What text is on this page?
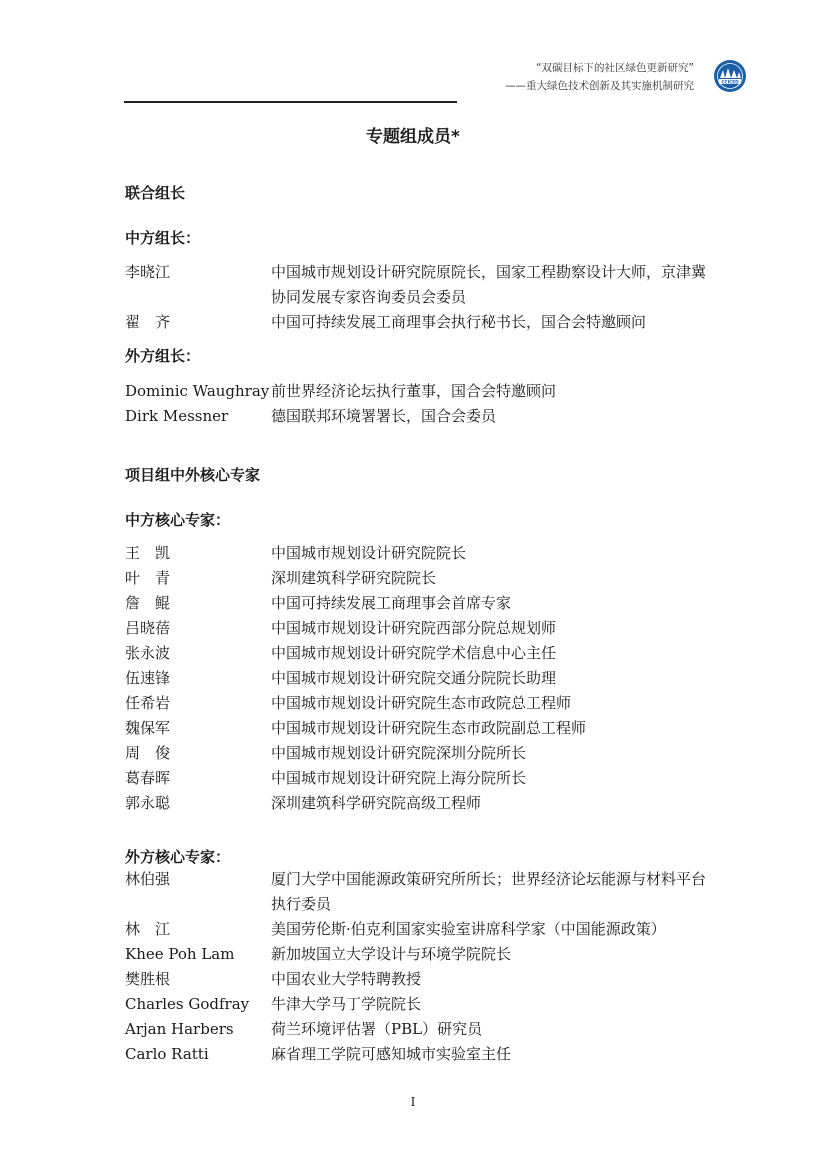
“双碳目标下的社区绿色更新研究”
——重大绿色技术创新及其实施机制研究	CCICED
专题组成员*
联合组长
中方组长：
李晓江	中国城市规划设计研究院原院长，国家工程勘察设计大师，京津冀协同发展专家咨询委员会委员
翟　齐	中国可持续发展工商理事会执行秘书长，国合会特邀顾问
外方组长：
Dominic Waughray 前世界经济论坛执行董事，国合会特邀顾问
Dirk Messner	德国联邦环境署署长，国合会委员
项目组中外核心专家
中方核心专家：
王　凯	中国城市规划设计研究院院长
叶　青	深圳建筑科学研究院院长
詹　鲲	中国可持续发展工商理事会首席专家
吕晓蓓	中国城市规划设计研究院西部分院总规划师
张永波	中国城市规划设计研究院学术信息中心主任
伍速锋	中国城市规划设计研究院交通分院院长助理
任希岩	中国城市规划设计研究院生态市政院总工程师
魏保军	中国城市规划设计研究院生态市政院副总工程师
周　俊	中国城市规划设计研究院深圳分院所长
葛春晖	中国城市规划设计研究院上海分院所长
郭永聪	深圳建筑科学研究院高级工程师
外方核心专家：
林伯强	厦门大学中国能源政策研究所所长；世界经济论坛能源与材料平台执行委员
林　江	美国劳伦斯·伯克利国家实验室讲席科学家（中国能源政策）
Khee Poh Lam 新加坡国立大学设计与环境学院院长
樊胜根	中国农业大学特聘教授
Charles Godfray 牛津大学马丁学院院长
Arjan Harbers 荷兰环境评估署（PBL）研究员
Carlo Ratti	麻省理工学院可感知城市实验室主任
I
